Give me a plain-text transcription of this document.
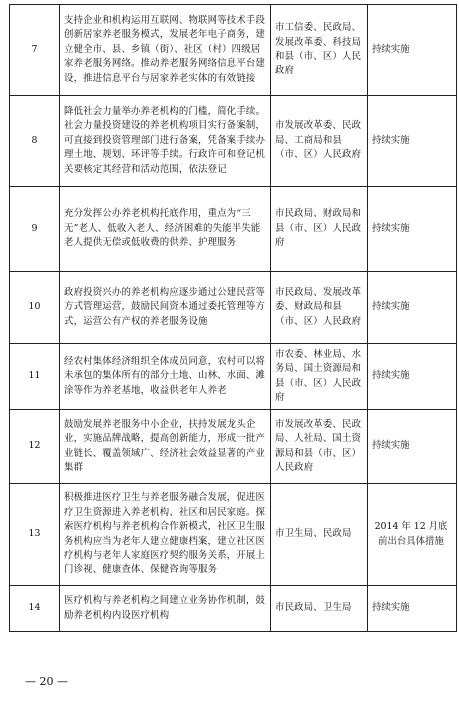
7	支持企业和机构运用互联网、物联网等技术手段创新居家养老服务模式，发展老年电子商务，建立健全市、县、乡镇（街）、社区（村）四级居家养老服务网络。推动养老服务网络信息平台建设，推进信息平台与居家养老实体的有效链接	市工信委、民政局、发展改革委、科技局和县（市、区）人民政府	持续实施
8	降低社会力量举办养老机构的门槛，简化手续。社会力量投资建设的养老机构项目实行备案制，可直接到投资管理部门进行备案，凭备案手续办理土地、规划、环评等手续。行政许可和登记机关要核定其经营和活动范围，依法登记	市发展改革委、民政局、工商局和县（市、区）人民政府	持续实施
9	充分发挥公办养老机构托底作用，重点为“三无”老人、低收入老人、经济困难的失能半失能老人提供无偿或低收费的供养、护理服务	市民政局、财政局和县（市、区）人民政府	持续实施
10	政府投资兴办的养老机构应逐步通过公建民营等方式管理运营，鼓励民间资本通过委托管理等方式，运营公有产权的养老服务设施	市民政局、发展改革委、财政局和县（市、区）人民政府	持续实施
11	经农村集体经济组织全体成员同意，农村可以将未承包的集体所有的部分土地、山林、水面、滩涂等作为养老基地，收益供老年人养老	市农委、林业局、水务局、国土资源局和县（市、区）人民政府	持续实施
12	鼓励发展养老服务中小企业，扶持发展龙头企业，实施品牌战略，提高创新能力，形成一批产业链长、覆盖领域广、经济社会效益显著的产业集群	市发展改革委、民政局、人社局、国土资源局和县（市、区）人民政府	持续实施
13	积极推进医疗卫生与养老服务融合发展，促进医疗卫生资源进入养老机构、社区和居民家庭。探索医疗机构与养老机构合作新模式，社区卫生服务机构应当为老年人建立健康档案，建立社区医疗机构与老年人家庭医疗契约服务关系，开展上门诊视、健康查体、保健咨询等服务	市卫生局、民政局	2014 年 12 月底前出台具体措施
14	医疗机构与养老机构之间建立业务协作机制，鼓励养老机构内设医疗机构	市民政局、卫生局	持续实施
— 20 —
